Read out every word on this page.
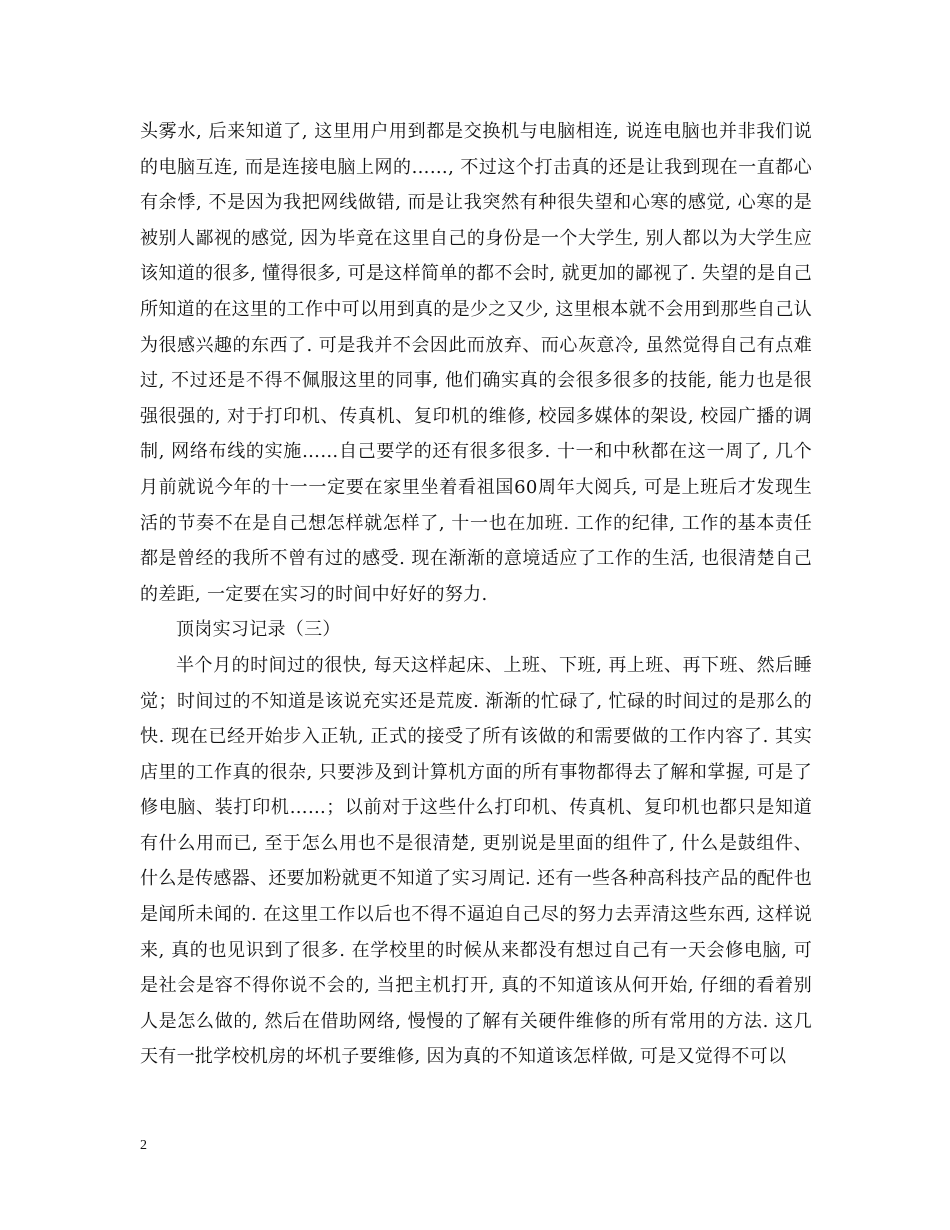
头雾水, 后来知道了, 这里用户用到都是交换机与电脑相连, 说连电脑也并非我们说的电脑互连, 而是连接电脑上网的……, 不过这个打击真的还是让我到现在一直都心有余悸, 不是因为我把网线做错, 而是让我突然有种很失望和心寒的感觉, 心寒的是被别人鄙视的感觉, 因为毕竟在这里自己的身份是一个大学生, 别人都以为大学生应该知道的很多, 懂得很多, 可是这样简单的都不会时, 就更加的鄙视了. 失望的是自己所知道的在这里的工作中可以用到真的是少之又少, 这里根本就不会用到那些自己认为很感兴趣的东西了. 可是我并不会因此而放弃、而心灰意冷, 虽然觉得自己有点难过, 不过还是不得不佩服这里的同事, 他们确实真的会很多很多的技能, 能力也是很强很强的, 对于打印机、传真机、复印机的维修, 校园多媒体的架设, 校园广播的调制, 网络布线的实施……自己要学的还有很多很多. 十一和中秋都在这一周了, 几个月前就说今年的十一一定要在家里坐着看祖国60周年大阅兵, 可是上班后才发现生活的节奏不在是自己想怎样就怎样了, 十一也在加班. 工作的纪律, 工作的基本责任都是曾经的我所不曾有过的感受. 现在渐渐的意境适应了工作的生活, 也很清楚自己的差距, 一定要在实习的时间中好好的努力.

顶岗实习记录（三）

半个月的时间过的很快, 每天这样起床、上班、下班, 再上班、再下班、然后睡觉；时间过的不知道是该说充实还是荒废. 渐渐的忙碌了, 忙碌的时间过的是那么的快. 现在已经开始步入正轨, 正式的接受了所有该做的和需要做的工作内容了. 其实店里的工作真的很杂, 只要涉及到计算机方面的所有事物都得去了解和掌握, 可是了修电脑、装打印机……；以前对于这些什么打印机、传真机、复印机也都只是知道有什么用而已, 至于怎么用也不是很清楚, 更别说是里面的组件了, 什么是鼓组件、什么是传感器、还要加粉就更不知道了实习周记. 还有一些各种高科技产品的配件也是闻所未闻的. 在这里工作以后也不得不逼迫自己尽的努力去弄清这些东西, 这样说来, 真的也见识到了很多. 在学校里的时候从来都没有想过自己有一天会修电脑, 可是社会是容不得你说不会的, 当把主机打开, 真的不知道该从何开始, 仔细的看着别人是怎么做的, 然后在借助网络, 慢慢的了解有关硬件维修的所有常用的方法. 这几天有一批学校机房的坏机子要维修, 因为真的不知道该怎样做, 可是又觉得不可以

2
